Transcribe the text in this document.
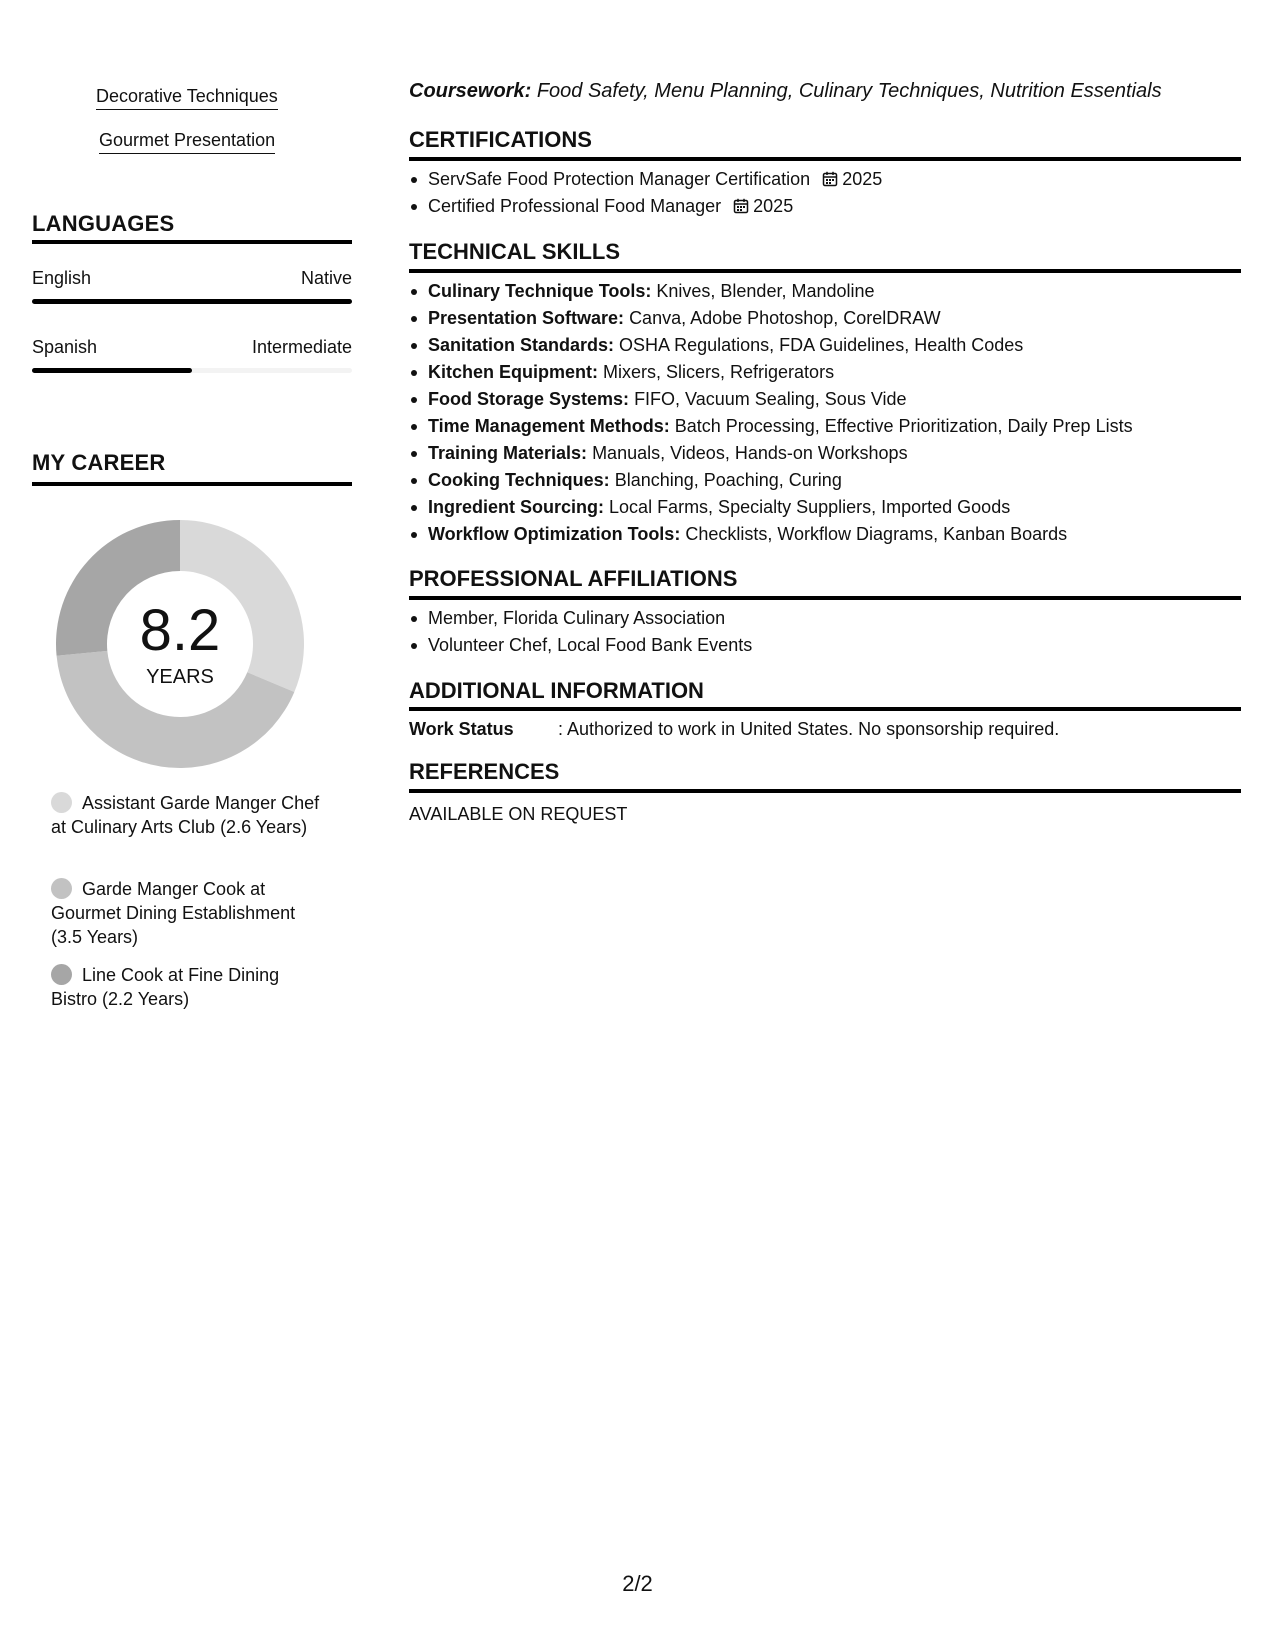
Decorative Techniques
Gourmet Presentation
LANGUAGES
English	Native
Spanish	Intermediate
MY CAREER
8.2
YEARS
Assistant Garde Manger Chef at Culinary Arts Club (2.6 Years)
Garde Manger Cook at Gourmet Dining Establishment (3.5 Years)
Line Cook at Fine Dining Bistro (2.2 Years)
Coursework: Food Safety, Menu Planning, Culinary Techniques, Nutrition Essentials
CERTIFICATIONS
ServSafe Food Protection Manager Certification 2025
Certified Professional Food Manager 2025
TECHNICAL SKILLS
Culinary Technique Tools: Knives, Blender, Mandoline
Presentation Software: Canva, Adobe Photoshop, CorelDRAW
Sanitation Standards: OSHA Regulations, FDA Guidelines, Health Codes
Kitchen Equipment: Mixers, Slicers, Refrigerators
Food Storage Systems: FIFO, Vacuum Sealing, Sous Vide
Time Management Methods: Batch Processing, Effective Prioritization, Daily Prep Lists
Training Materials: Manuals, Videos, Hands-on Workshops
Cooking Techniques: Blanching, Poaching, Curing
Ingredient Sourcing: Local Farms, Specialty Suppliers, Imported Goods
Workflow Optimization Tools: Checklists, Workflow Diagrams, Kanban Boards
PROFESSIONAL AFFILIATIONS
Member, Florida Culinary Association
Volunteer Chef, Local Food Bank Events
ADDITIONAL INFORMATION
Work Status : Authorized to work in United States. No sponsorship required.
REFERENCES
AVAILABLE ON REQUEST
2/2
